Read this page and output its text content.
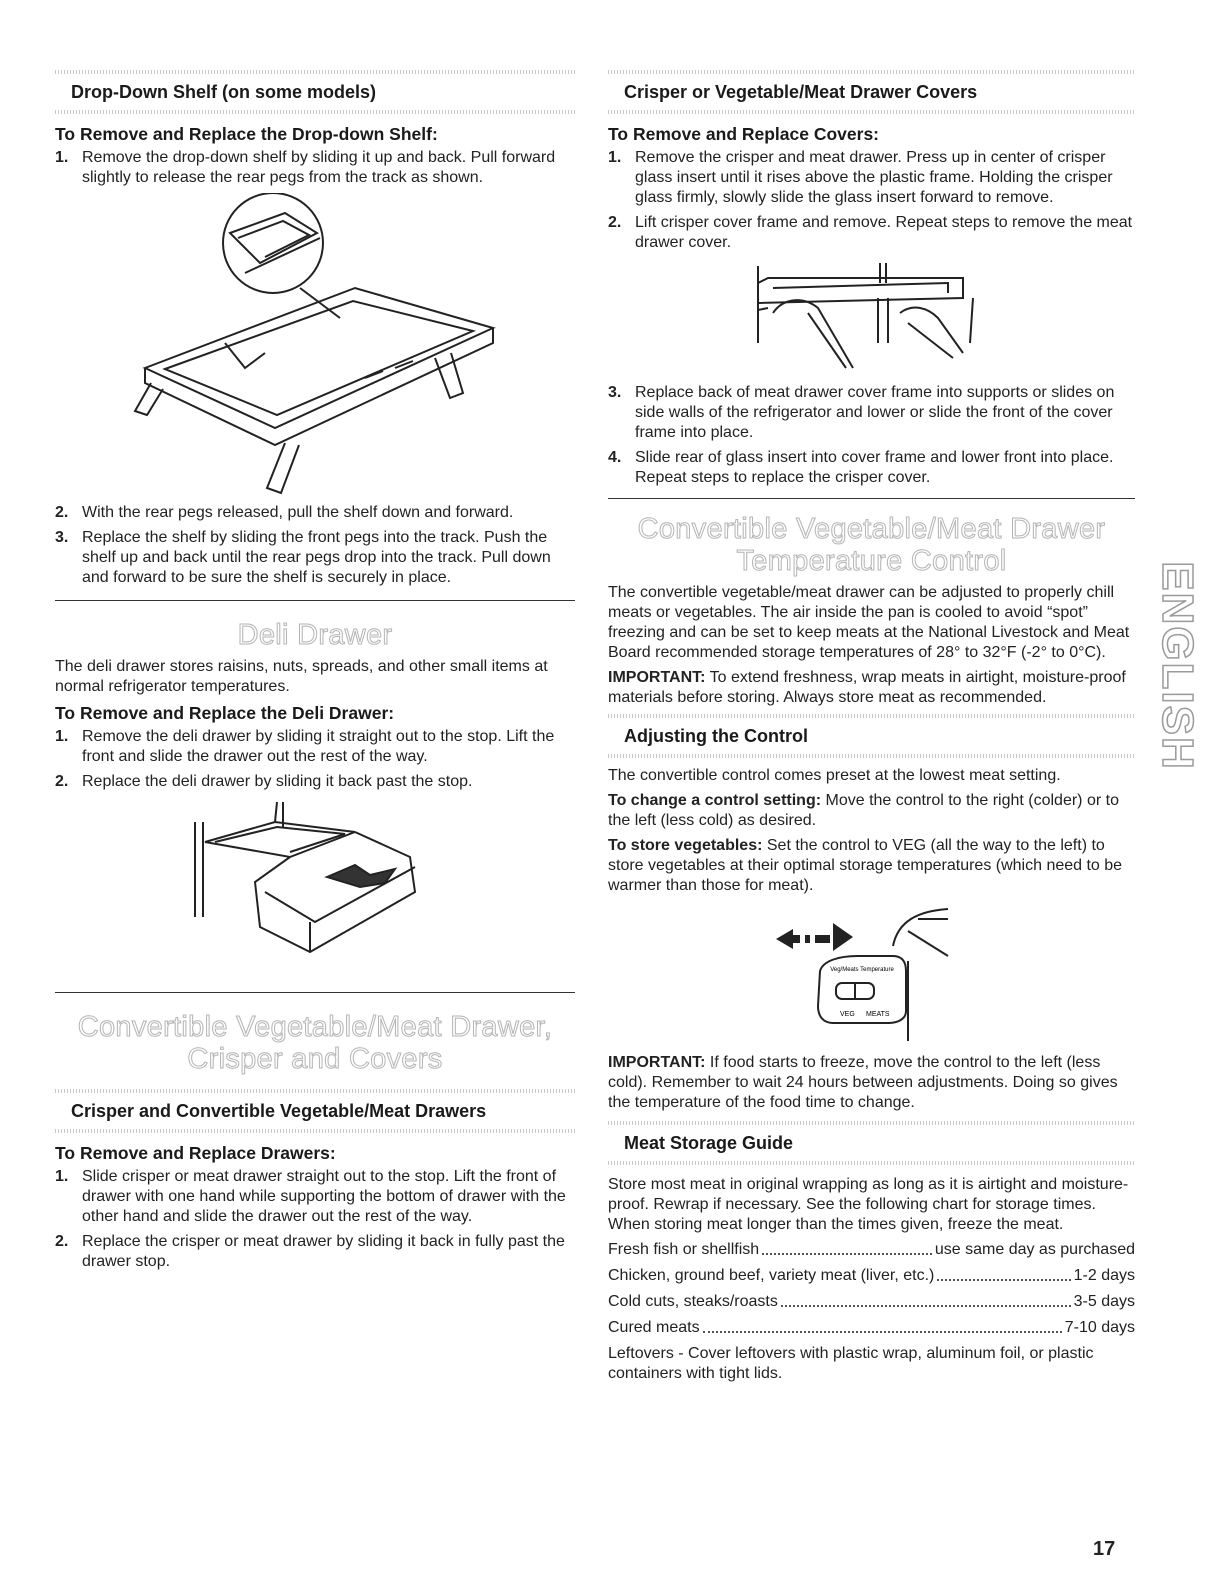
Drop-Down Shelf (on some models)
To Remove and Replace the Drop-down Shelf:
1. Remove the drop-down shelf by sliding it up and back. Pull forward slightly to release the rear pegs from the track as shown.
2. With the rear pegs released, pull the shelf down and forward.
3. Replace the shelf by sliding the front pegs into the track. Push the shelf up and back until the rear pegs drop into the track. Pull down and forward to be sure the shelf is securely in place.
Deli Drawer

The deli drawer stores raisins, nuts, spreads, and other small items at normal refrigerator temperatures.

To Remove and Replace the Deli Drawer:
1. Remove the deli drawer by sliding it straight out to the stop. Lift the front and slide the drawer out the rest of the way.
2. Replace the deli drawer by sliding it back past the stop.
Convertible Vegetable/Meat Drawer,
Crisper and Covers
Crisper and Convertible Vegetable/Meat Drawers
To Remove and Replace Drawers:
1. Slide crisper or meat drawer straight out to the stop. Lift the front of drawer with one hand while supporting the bottom of drawer with the other hand and slide the drawer out the rest of the way.
2. Replace the crisper or meat drawer by sliding it back in fully past the drawer stop.
Crisper or Vegetable/Meat Drawer Covers
To Remove and Replace Covers:
1. Remove the crisper and meat drawer. Press up in center of crisper glass insert until it rises above the plastic frame. Holding the crisper glass firmly, slowly slide the glass insert forward to remove.
2. Lift crisper cover frame and remove. Repeat steps to remove the meat drawer cover.
3. Replace back of meat drawer cover frame into supports or slides on side walls of the refrigerator and lower or slide the front of the cover frame into place.
4. Slide rear of glass insert into cover frame and lower front into place. Repeat steps to replace the crisper cover.
Convertible Vegetable/Meat Drawer
Temperature Control

The convertible vegetable/meat drawer can be adjusted to properly chill meats or vegetables. The air inside the pan is cooled to avoid “spot” freezing and can be set to keep meats at the National Livestock and Meat Board recommended storage temperatures of 28° to 32°F (-2° to 0°C).

IMPORTANT: To extend freshness, wrap meats in airtight, moisture-proof materials before storing. Always store meat as recommended.

Adjusting the Control

The convertible control comes preset at the lowest meat setting.

To change a control setting: Move the control to the right (colder) or to the left (less cold) as desired.

To store vegetables: Set the control to VEG (all the way to the left) to store vegetables at their optimal storage temperatures (which need to be warmer than those for meat).

Veg/Meats Temperature
VEG MEATS

IMPORTANT: If food starts to freeze, move the control to the left (less cold). Remember to wait 24 hours between adjustments. Doing so gives the temperature of the food time to change.

Meat Storage Guide

Store most meat in original wrapping as long as it is airtight and moisture-proof. Rewrap if necessary. See the following chart for storage times. When storing meat longer than the times given, freeze the meat.

Fresh fish or shellfish	use same day as purchased
Chicken, ground beef, variety meat (liver, etc.)	1-2 days
Cold cuts, steaks/roasts	3-5 days
Cured meats	7-10 days

Leftovers - Cover leftovers with plastic wrap, aluminum foil, or plastic containers with tight lids.

ENGLISH
17
